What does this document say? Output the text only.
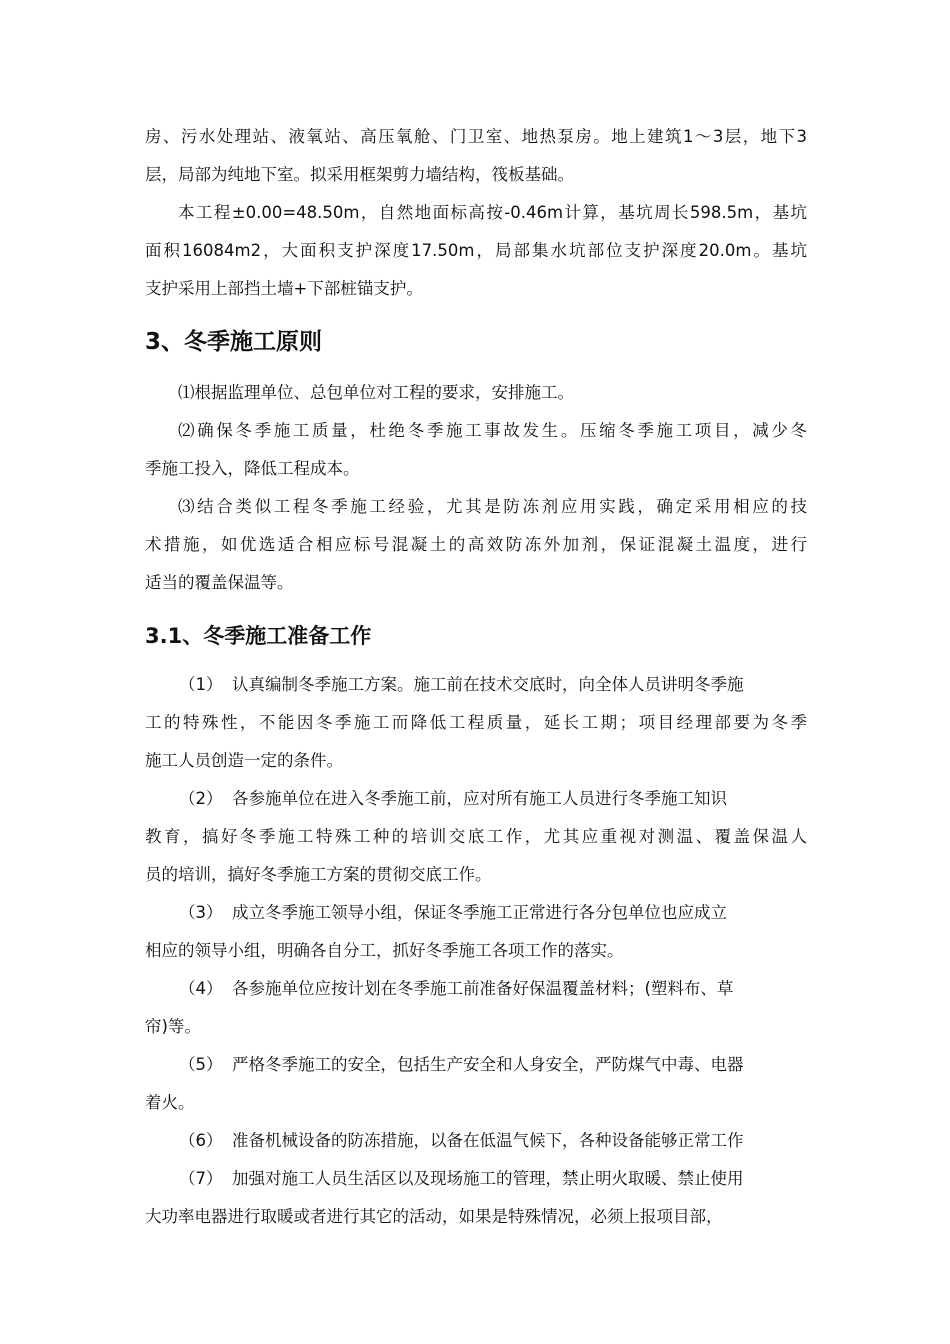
房、污水处理站、液氧站、高压氧舱、门卫室、地热泵房。地上建筑1～3层，地下3
层，局部为纯地下室。拟采用框架剪力墙结构，筏板基础。
本工程±0.00=48.50m，自然地面标高按-0.46m计算，基坑周长598.5m，基坑
面积16084m2，大面积支护深度17.50m，局部集水坑部位支护深度20.0m。基坑
支护采用上部挡土墙+下部桩锚支护。
3、冬季施工原则
⑴根据监理单位、总包单位对工程的要求，安排施工。
⑵确保冬季施工质量，杜绝冬季施工事故发生。压缩冬季施工项目，减少冬
季施工投入，降低工程成本。
⑶结合类似工程冬季施工经验，尤其是防冻剂应用实践，确定采用相应的技
术措施，如优选适合相应标号混凝土的高效防冻外加剂，保证混凝土温度，进行
适当的覆盖保温等。
3.1、冬季施工准备工作
（1） 认真编制冬季施工方案。施工前在技术交底时，向全体人员讲明冬季施
工的特殊性，不能因冬季施工而降低工程质量，延长工期；项目经理部要为冬季
施工人员创造一定的条件。
（2） 各参施单位在进入冬季施工前，应对所有施工人员进行冬季施工知识
教育，搞好冬季施工特殊工种的培训交底工作，尤其应重视对测温、覆盖保温人
员的培训，搞好冬季施工方案的贯彻交底工作。
（3） 成立冬季施工领导小组，保证冬季施工正常进行各分包单位也应成立
相应的领导小组，明确各自分工，抓好冬季施工各项工作的落实。
（4） 各参施单位应按计划在冬季施工前准备好保温覆盖材料；(塑料布、草
帘)等。
（5） 严格冬季施工的安全，包括生产安全和人身安全，严防煤气中毒、电器
着火。
（6） 准备机械设备的防冻措施，以备在低温气候下，各种设备能够正常工作
（7） 加强对施工人员生活区以及现场施工的管理，禁止明火取暖、禁止使用
大功率电器进行取暖或者进行其它的活动，如果是特殊情况，必须上报项目部，
